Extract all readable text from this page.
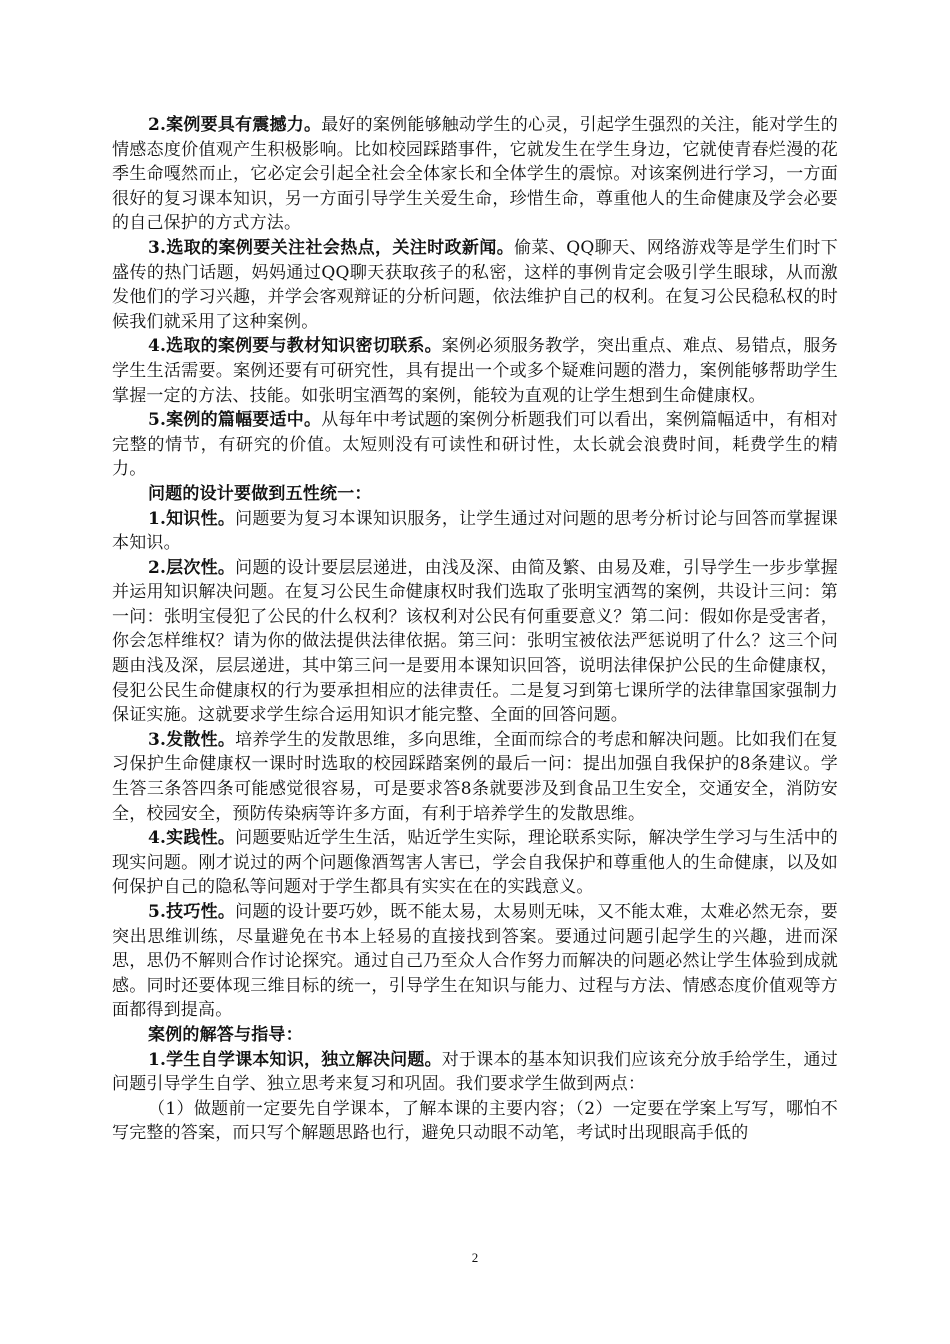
2.案例要具有震撼力。最好的案例能够触动学生的心灵，引起学生强烈的关注，能对学生的情感态度价值观产生积极影响。比如校园踩踏事件，它就发生在学生身边，它就使青春烂漫的花季生命嘎然而止，它必定会引起全社会全体家长和全体学生的震惊。对该案例进行学习，一方面很好的复习课本知识，另一方面引导学生关爱生命，珍惜生命，尊重他人的生命健康及学会必要的自己保护的方式方法。

3.选取的案例要关注社会热点，关注时政新闻。偷菜、QQ聊天、网络游戏等是学生们时下盛传的热门话题，妈妈通过QQ聊天获取孩子的私密，这样的事例肯定会吸引学生眼球，从而激发他们的学习兴趣，并学会客观辩证的分析问题，依法维护自己的权利。在复习公民稳私权的时候我们就采用了这种案例。

4.选取的案例要与教材知识密切联系。案例必须服务教学，突出重点、难点、易错点，服务学生生活需要。案例还要有可研究性，具有提出一个或多个疑难问题的潜力，案例能够帮助学生掌握一定的方法、技能。如张明宝酒驾的案例，能较为直观的让学生想到生命健康权。

5.案例的篇幅要适中。从每年中考试题的案例分析题我们可以看出，案例篇幅适中，有相对完整的情节，有研究的价值。太短则没有可读性和研讨性，太长就会浪费时间，耗费学生的精力。

问题的设计要做到五性统一：

1.知识性。问题要为复习本课知识服务，让学生通过对问题的思考分析讨论与回答而掌握课本知识。

2.层次性。问题的设计要层层递进，由浅及深、由简及繁、由易及难，引导学生一步步掌握并运用知识解决问题。在复习公民生命健康权时我们选取了张明宝洒驾的案例，共设计三问：第一问：张明宝侵犯了公民的什么权利？该权利对公民有何重要意义？第二问：假如你是受害者，你会怎样维权？请为你的做法提供法律依据。第三问：张明宝被依法严惩说明了什么？这三个问题由浅及深，层层递进，其中第三问一是要用本课知识回答，说明法律保护公民的生命健康权，侵犯公民生命健康权的行为要承担相应的法律责任。二是复习到第七课所学的法律靠国家强制力保证实施。这就要求学生综合运用知识才能完整、全面的回答问题。

3.发散性。培养学生的发散思维，多向思维，全面而综合的考虑和解决问题。比如我们在复习保护生命健康权一课时时选取的校园踩踏案例的最后一问：提出加强自我保护的8条建议。学生答三条答四条可能感觉很容易，可是要求答8条就要涉及到食品卫生安全，交通安全，消防安全，校园安全，预防传染病等许多方面，有利于培养学生的发散思维。

4.实践性。问题要贴近学生生活，贴近学生实际，理论联系实际，解决学生学习与生活中的现实问题。刚才说过的两个问题像酒驾害人害已，学会自我保护和尊重他人的生命健康，以及如何保护自己的隐私等问题对于学生都具有实实在在的实践意义。

5.技巧性。问题的设计要巧妙，既不能太易，太易则无味，又不能太难，太难必然无奈，要突出思维训练，尽量避免在书本上轻易的直接找到答案。要通过问题引起学生的兴趣，进而深思，思仍不解则合作讨论探究。通过自己乃至众人合作努力而解决的问题必然让学生体验到成就感。同时还要体现三维目标的统一，引导学生在知识与能力、过程与方法、情感态度价值观等方面都得到提高。

案例的解答与指导：

1.学生自学课本知识，独立解决问题。对于课本的基本知识我们应该充分放手给学生，通过问题引导学生自学、独立思考来复习和巩固。我们要求学生做到两点：

（1）做题前一定要先自学课本，了解本课的主要内容；（2）一定要在学案上写写，哪怕不写完整的答案，而只写个解题思路也行，避免只动眼不动笔，考试时出现眼高手低的

2
